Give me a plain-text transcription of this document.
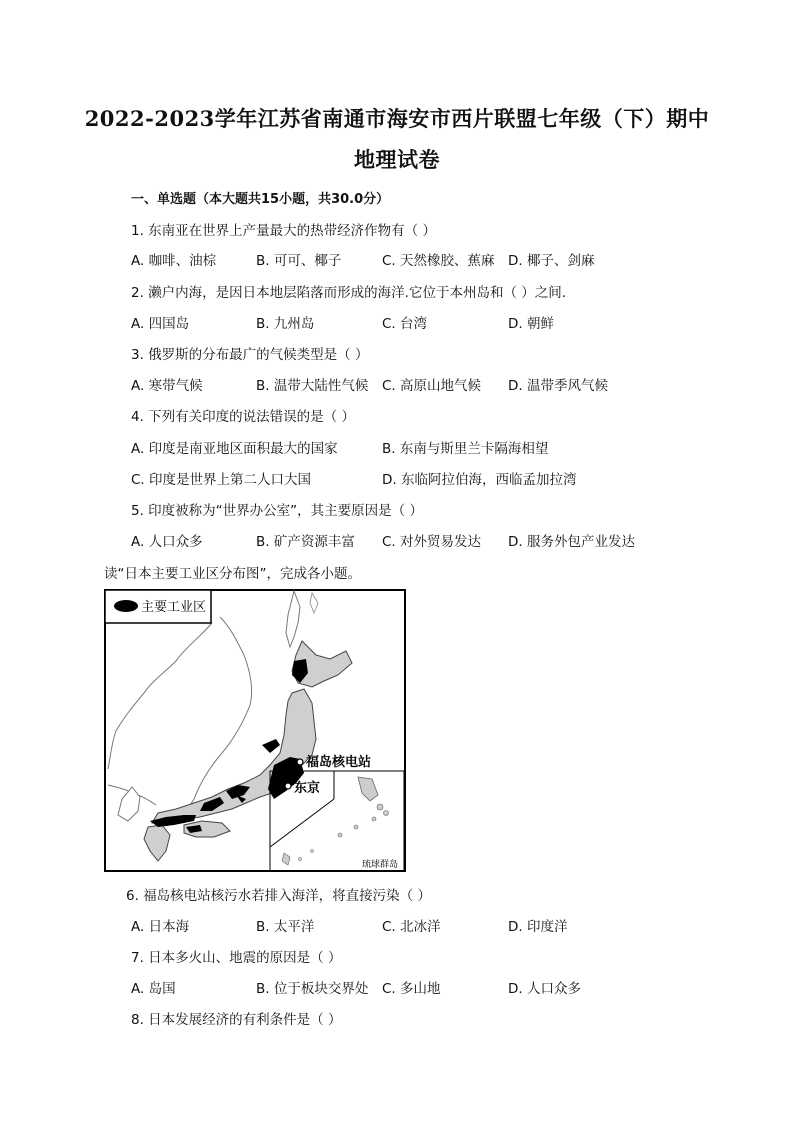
2022-2023学年江苏省南通市海安市西片联盟七年级（下）期中
地理试卷
一、单选题（本大题共15小题，共30.0分）
1. 东南亚在世界上产量最大的热带经济作物有（ ）
A. 咖啡、油棕	B. 可可、椰子	C. 天然橡胶、蕉麻 D. 椰子、剑麻
2. 濑户内海，是因日本地层陷落而形成的海洋.它位于本州岛和（ ）之间.
A. 四国岛	B. 九州岛	C. 台湾	D. 朝鲜
3. 俄罗斯的分布最广的气候类型是（ ）
A. 寒带气候	B. 温带大陆性气候 C. 高原山地气候 D. 温带季风气候
4. 下列有关印度的说法错误的是（ ）
A. 印度是南亚地区面积最大的国家	B. 东南与斯里兰卡隔海相望
C. 印度是世界上第二人口大国	D. 东临阿拉伯海，西临孟加拉湾
5. 印度被称为“世界办公室”，其主要原因是（ ）
A. 人口众多	B. 矿产资源丰富 C. 对外贸易发达 D. 服务外包产业发达
读“日本主要工业区分布图”，完成各小题。
主要工业区
福岛核电站
东京
琉球群岛
6. 福岛核电站核污水若排入海洋，将直接污染（ ）
A. 日本海	B. 太平洋	C. 北冰洋	D. 印度洋
7. 日本多火山、地震的原因是（ ）
A. 岛国	B. 位于板块交界处 C. 多山地	D. 人口众多
8. 日本发展经济的有利条件是（ ）
